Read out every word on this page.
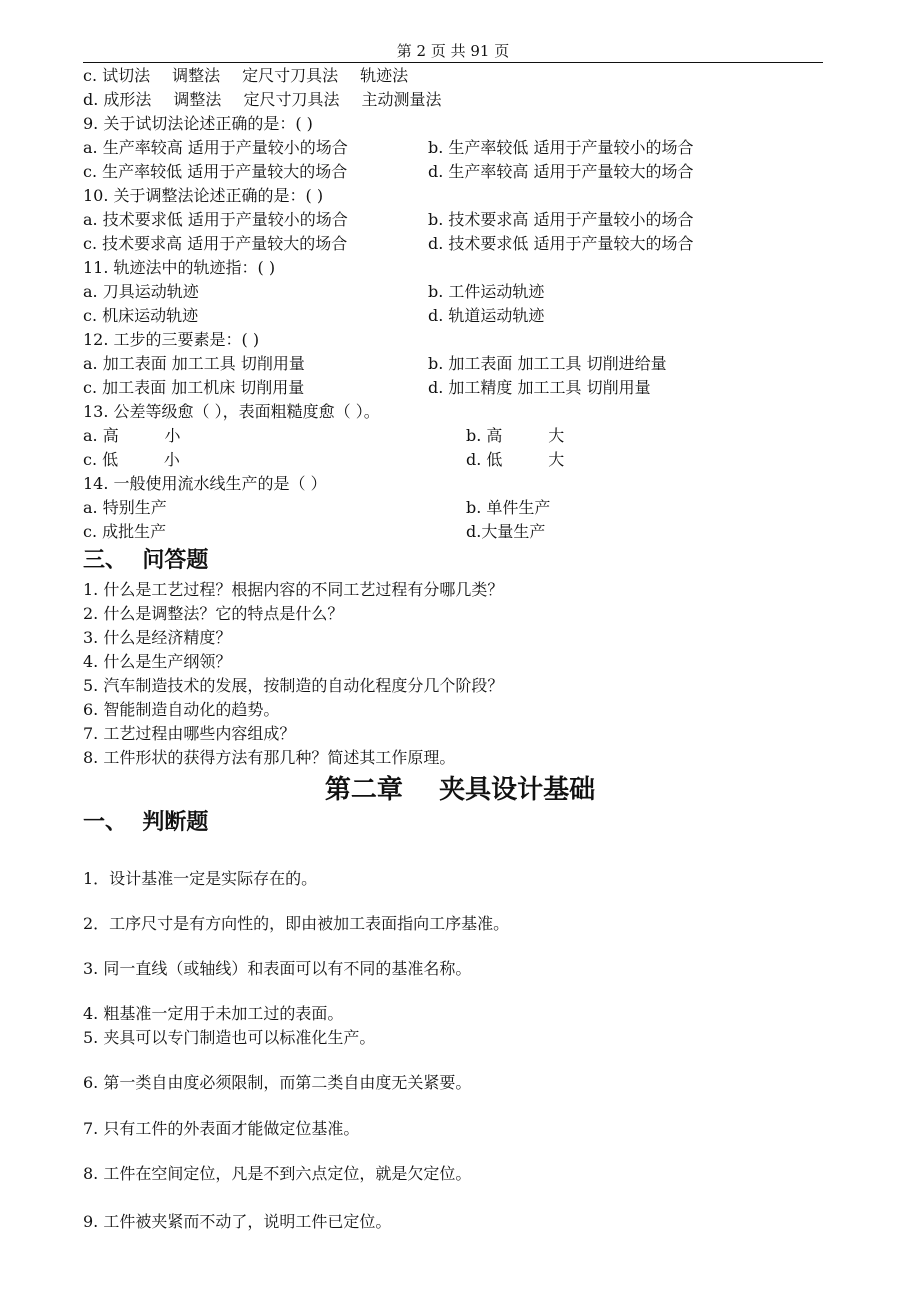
第 2 页 共 91 页
c. 试切法 调整法 定尺寸刀具法 轨迹法
d. 成形法 调整法 定尺寸刀具法 主动测量法
9. 关于试切法论述正确的是：( )
a. 生产率较高 适用于产量较小的场合	b. 生产率较低 适用于产量较小的场合
c. 生产率较低 适用于产量较大的场合	d. 生产率较高 适用于产量较大的场合
10. 关于调整法论述正确的是：( )
a. 技术要求低 适用于产量较小的场合	b. 技术要求高 适用于产量较小的场合
c. 技术要求高 适用于产量较大的场合	d. 技术要求低 适用于产量较大的场合
11. 轨迹法中的轨迹指：( )
a. 刀具运动轨迹	b. 工件运动轨迹
c. 机床运动轨迹	d. 轨道运动轨迹
12. 工步的三要素是：( )
a. 加工表面 加工工具 切削用量	b. 加工表面 加工工具 切削进给量
c. 加工表面 加工机床 切削用量	d. 加工精度 加工工具 切削用量
13. 公差等级愈（ ），表面粗糙度愈（ ）。
a. 高         小	b. 高         大
c. 低         小	d. 低         大
14. 一般使用流水线生产的是（ ）
a. 特别生产	b. 单件生产
c. 成批生产	d.大量生产
三、  问答题
1. 什么是工艺过程？根据内容的不同工艺过程有分哪几类？
2. 什么是调整法？它的特点是什么？
3. 什么是经济精度？
4. 什么是生产纲领？
5. 汽车制造技术的发展，按制造的自动化程度分几个阶段？
6. 智能制造自动化的趋势。
7. 工艺过程由哪些内容组成？
8. 工件形状的获得方法有那几种？简述其工作原理。
第二章    夹具设计基础
一、  判断题
1．设计基准一定是实际存在的。
2．工序尺寸是有方向性的，即由被加工表面指向工序基准。
3. 同一直线（或轴线）和表面可以有不同的基准名称。
4. 粗基准一定用于未加工过的表面。
5. 夹具可以专门制造也可以标准化生产。
6. 第一类自由度必须限制，而第二类自由度无关紧要。
7. 只有工件的外表面才能做定位基准。
8. 工件在空间定位，凡是不到六点定位，就是欠定位。
9. 工件被夹紧而不动了，说明工件已定位。
